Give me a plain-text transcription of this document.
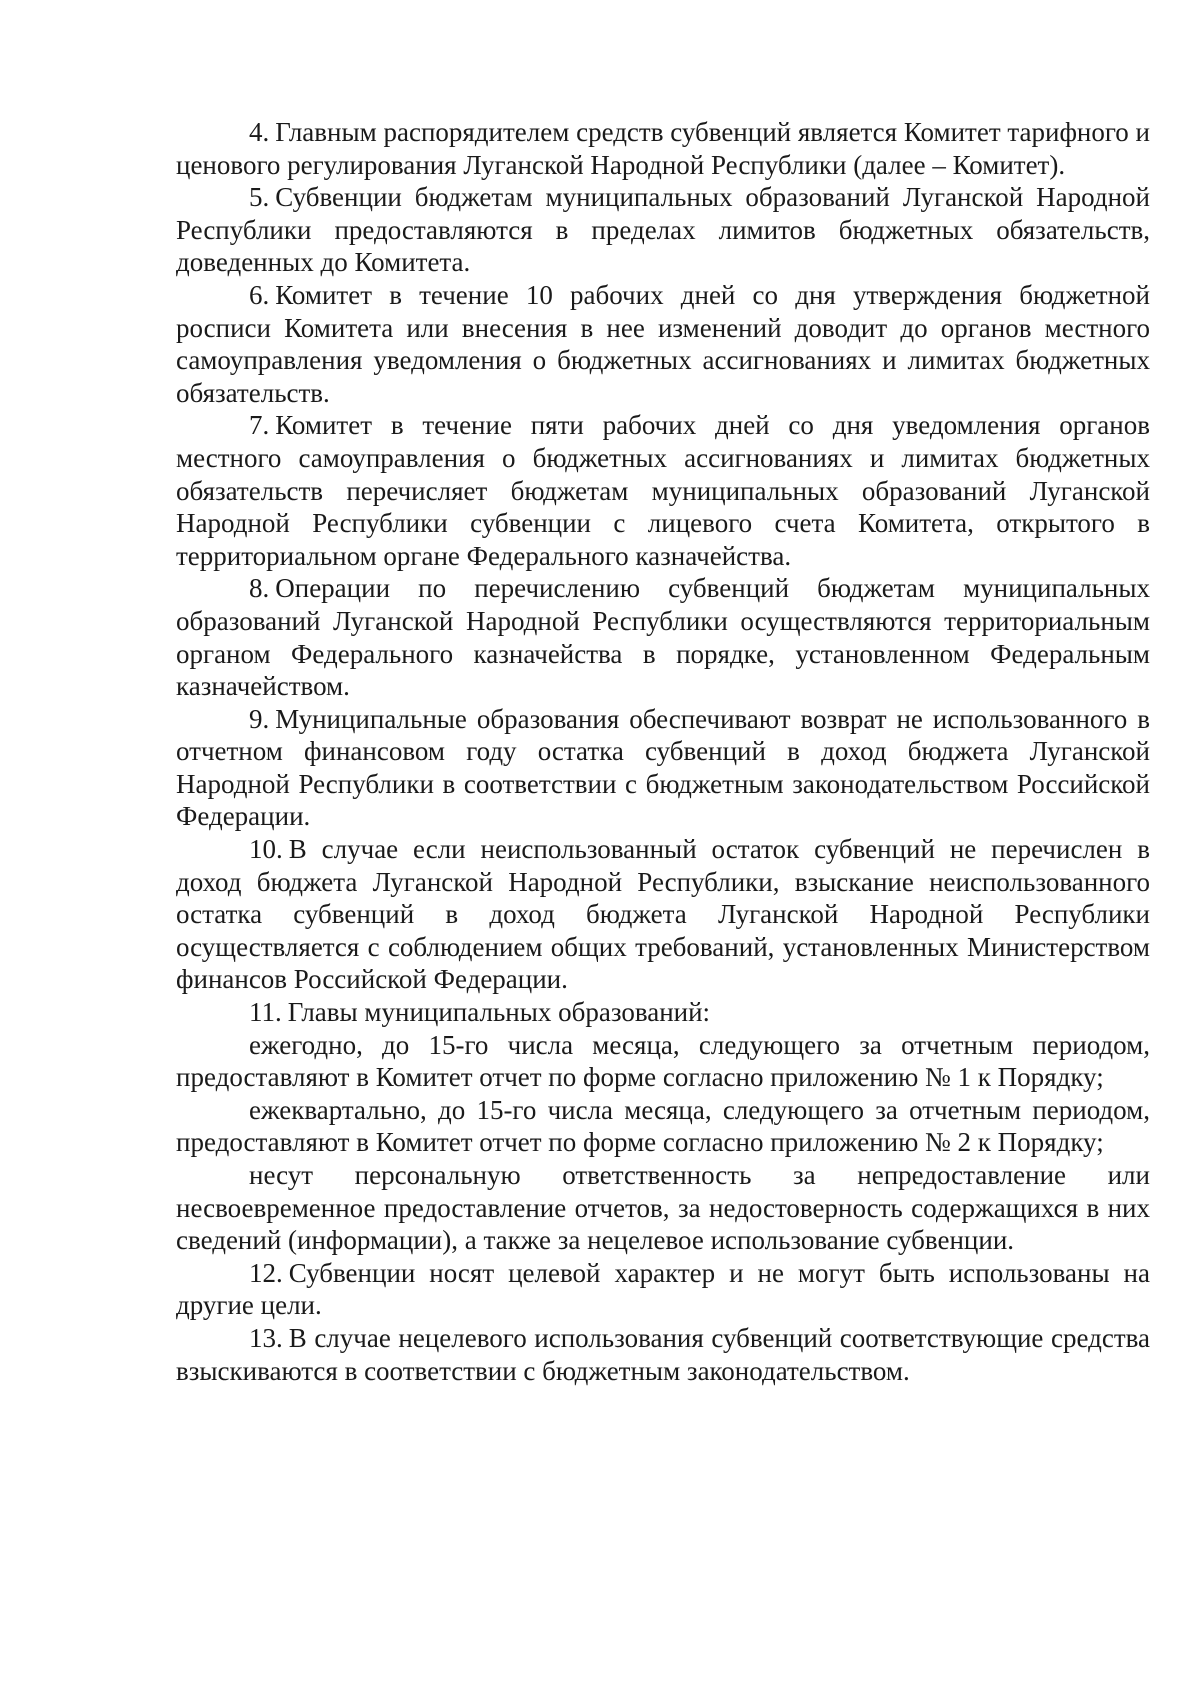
4. Главным распорядителем средств субвенций является Комитет тарифного и ценового регулирования Луганской Народной Республики (далее – Комитет).

5. Субвенции бюджетам муниципальных образований Луганской Народной Республики предоставляются в пределах лимитов бюджетных обязательств, доведенных до Комитета.

6. Комитет в течение 10 рабочих дней со дня утверждения бюджетной росписи Комитета или внесения в нее изменений доводит до органов местного самоуправления уведомления о бюджетных ассигнованиях и лимитах бюджетных обязательств.

7. Комитет в течение пяти рабочих дней со дня уведомления органов местного самоуправления о бюджетных ассигнованиях и лимитах бюджетных обязательств перечисляет бюджетам муниципальных образований Луганской Народной Республики субвенции с лицевого счета Комитета, открытого в территориальном органе Федерального казначейства.

8. Операции по перечислению субвенций бюджетам муниципальных образований Луганской Народной Республики осуществляются территориальным органом Федерального казначейства в порядке, установленном Федеральным казначейством.

9. Муниципальные образования обеспечивают возврат не использованного в отчетном финансовом году остатка субвенций в доход бюджета Луганской Народной Республики в соответствии с бюджетным законодательством Российской Федерации.

10. В случае если неиспользованный остаток субвенций не перечислен в доход бюджета Луганской Народной Республики, взыскание неиспользованного остатка субвенций в доход бюджета Луганской Народной Республики осуществляется с соблюдением общих требований, установленных Министерством финансов Российской Федерации.

11. Главы муниципальных образований:

ежегодно, до 15-го числа месяца, следующего за отчетным периодом, предоставляют в Комитет отчет по форме согласно приложению № 1 к Порядку;

ежеквартально, до 15-го числа месяца, следующего за отчетным периодом, предоставляют в Комитет отчет по форме согласно приложению № 2 к Порядку;

несут персональную ответственность за непредоставление или несвоевременное предоставление отчетов, за недостоверность содержащихся в них сведений (информации), а также за нецелевое использование субвенции.

12. Субвенции носят целевой характер и не могут быть использованы на другие цели.

13. В случае нецелевого использования субвенций соответствующие средства взыскиваются в соответствии с бюджетным законодательством.
